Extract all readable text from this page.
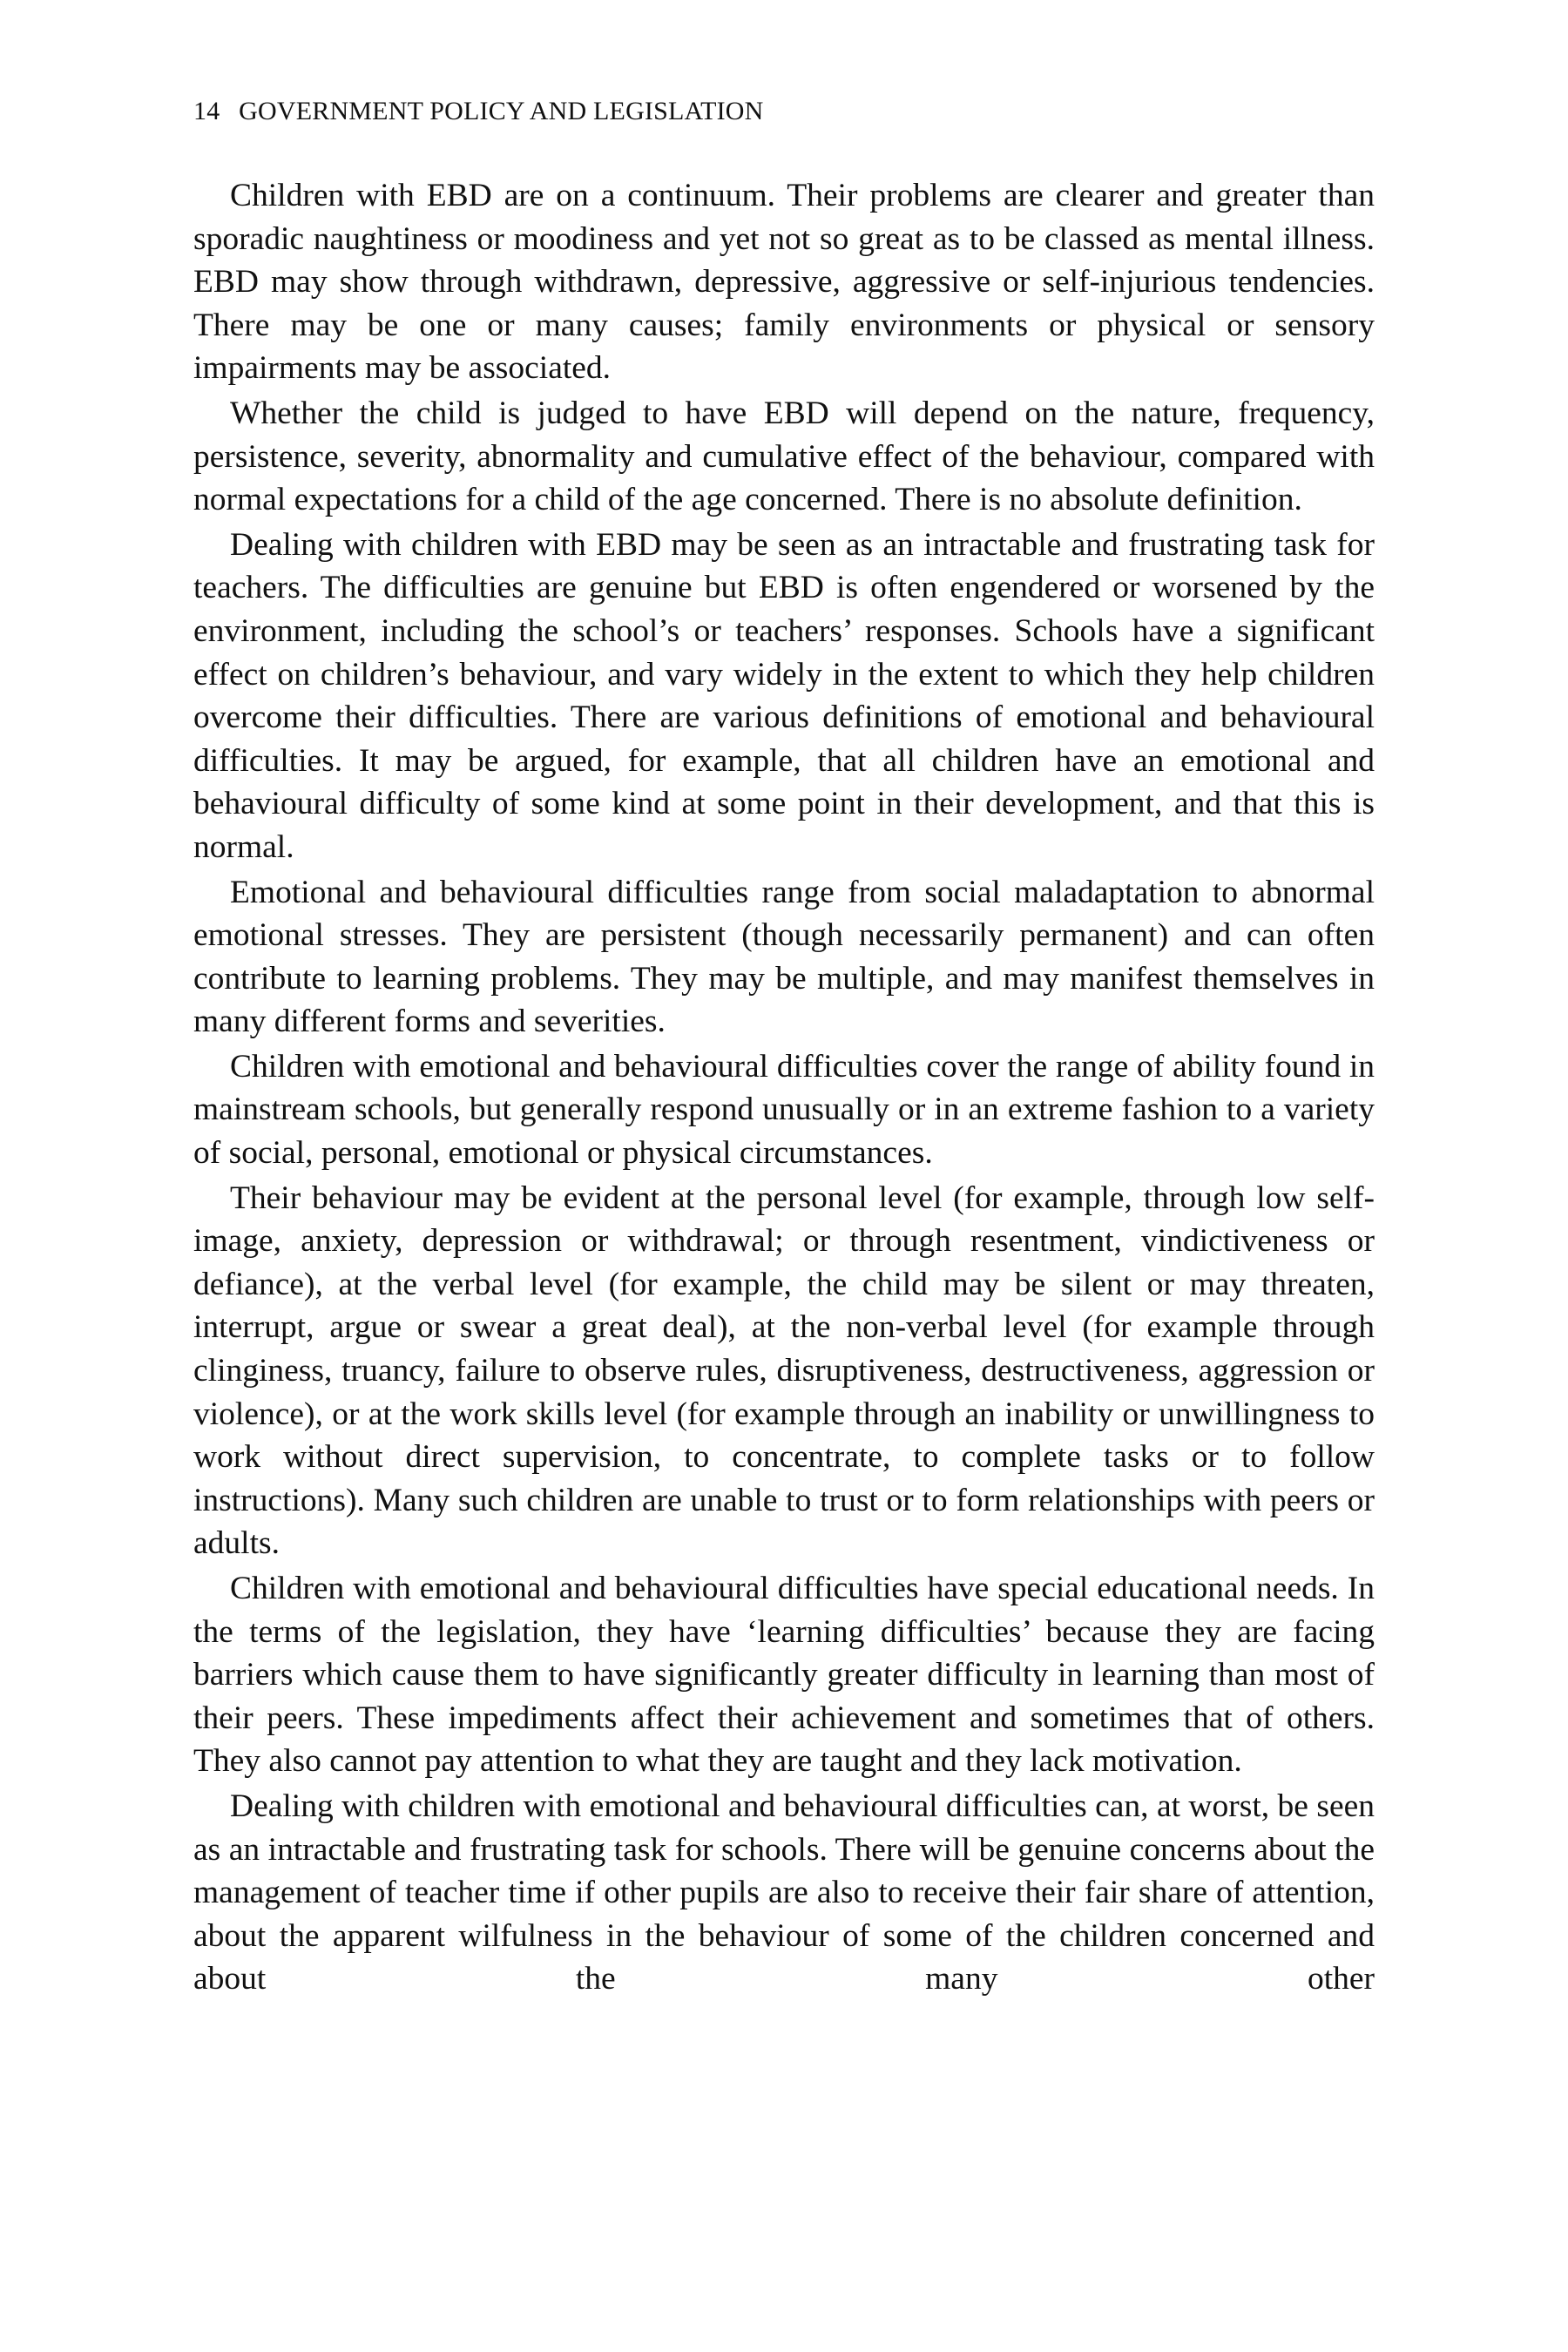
14 GOVERNMENT POLICY AND LEGISLATION

Children with EBD are on a continuum. Their problems are clearer and greater than sporadic naughtiness or moodiness and yet not so great as to be classed as mental illness. EBD may show through withdrawn, depressive, aggressive or self-injurious tendencies. There may be one or many causes; family environments or physical or sensory impairments may be associated.

Whether the child is judged to have EBD will depend on the nature, frequency, persistence, severity, abnormality and cumulative effect of the behaviour, compared with normal expectations for a child of the age concerned. There is no absolute definition.

Dealing with children with EBD may be seen as an intractable and frustrating task for teachers. The difficulties are genuine but EBD is often engendered or worsened by the environment, including the school’s or teachers’ responses. Schools have a significant effect on children’s behaviour, and vary widely in the extent to which they help children overcome their difficulties. There are various definitions of emotional and behavioural difficulties. It may be argued, for example, that all children have an emotional and behavioural difficulty of some kind at some point in their development, and that this is normal.

Emotional and behavioural difficulties range from social maladaptation to abnormal emotional stresses. They are persistent (though necessarily permanent) and can often contribute to learning problems. They may be multiple, and may manifest themselves in many different forms and severities.

Children with emotional and behavioural difficulties cover the range of ability found in mainstream schools, but generally respond unusually or in an extreme fashion to a variety of social, personal, emotional or physical circumstances.

Their behaviour may be evident at the personal level (for example, through low self-image, anxiety, depression or withdrawal; or through resentment, vindictiveness or defiance), at the verbal level (for example, the child may be silent or may threaten, interrupt, argue or swear a great deal), at the non-verbal level (for example through clinginess, truancy, failure to observe rules, disruptiveness, destructiveness, aggression or violence), or at the work skills level (for example through an inability or unwillingness to work without direct supervision, to concentrate, to complete tasks or to follow instructions). Many such children are unable to trust or to form relationships with peers or adults.

Children with emotional and behavioural difficulties have special educational needs. In the terms of the legislation, they have ‘learning difficulties’ because they are facing barriers which cause them to have significantly greater difficulty in learning than most of their peers. These impediments affect their achievement and sometimes that of others. They also cannot pay attention to what they are taught and they lack motivation.

Dealing with children with emotional and behavioural difficulties can, at worst, be seen as an intractable and frustrating task for schools. There will be genuine concerns about the management of teacher time if other pupils are also to receive their fair share of attention, about the apparent wilfulness in the behaviour of some of the children concerned and about the many other
